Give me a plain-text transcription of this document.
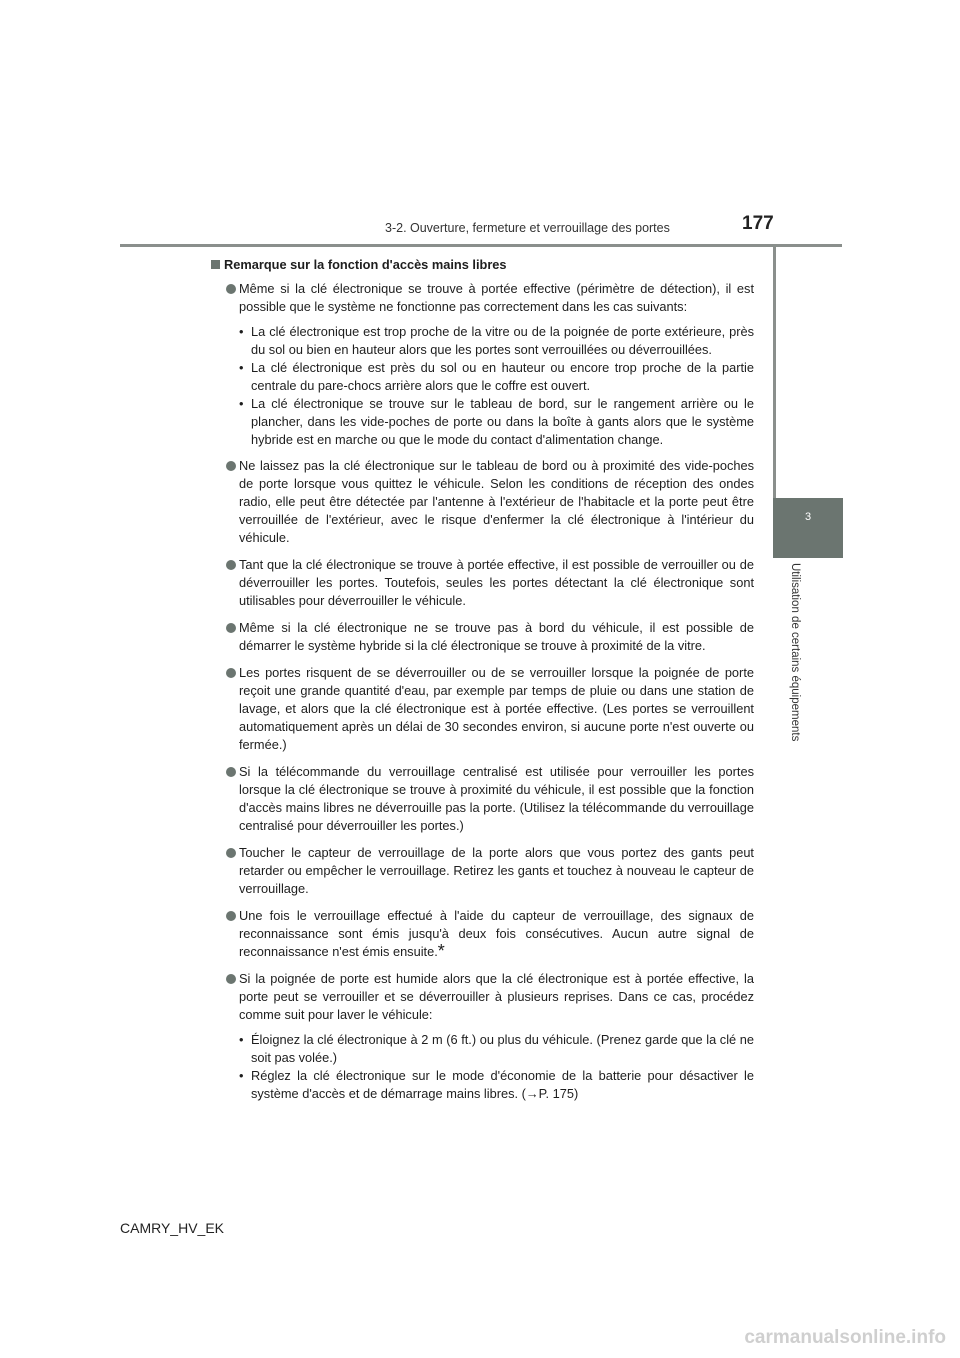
3-2. Ouverture, fermeture et verrouillage des portes	177
3
Utilisation de certains équipements
Remarque sur la fonction d'accès mains libres

Même si la clé électronique se trouve à portée effective (périmètre de détection), il est possible que le système ne fonctionne pas correctement dans les cas suivants:

• La clé électronique est trop proche de la vitre ou de la poignée de porte extérieure, près du sol ou bien en hauteur alors que les portes sont verrouillées ou déverrouillées.

• La clé électronique est près du sol ou en hauteur ou encore trop proche de la partie centrale du pare-chocs arrière alors que le coffre est ouvert.

• La clé électronique se trouve sur le tableau de bord, sur le rangement arrière ou le plancher, dans les vide-poches de porte ou dans la boîte à gants alors que le système hybride est en marche ou que le mode du contact d'alimentation change.

Ne laissez pas la clé électronique sur le tableau de bord ou à proximité des vide-poches de porte lorsque vous quittez le véhicule. Selon les conditions de réception des ondes radio, elle peut être détectée par l'antenne à l'extérieur de l'habitacle et la porte peut être verrouillée de l'extérieur, avec le risque d'enfermer la clé électronique à l'intérieur du véhicule.

Tant que la clé électronique se trouve à portée effective, il est possible de verrouiller ou de déverrouiller les portes. Toutefois, seules les portes détectant la clé électronique sont utilisables pour déverrouiller le véhicule.

Même si la clé électronique ne se trouve pas à bord du véhicule, il est possible de démarrer le système hybride si la clé électronique se trouve à proximité de la vitre.

Les portes risquent de se déverrouiller ou de se verrouiller lorsque la poignée de porte reçoit une grande quantité d'eau, par exemple par temps de pluie ou dans une station de lavage, et alors que la clé électronique est à portée effective. (Les portes se verrouillent automatiquement après un délai de 30 secondes environ, si aucune porte n'est ouverte ou fermée.)

Si la télécommande du verrouillage centralisé est utilisée pour verrouiller les portes lorsque la clé électronique se trouve à proximité du véhicule, il est possible que la fonction d'accès mains libres ne déverrouille pas la porte. (Utilisez la télécommande du verrouillage centralisé pour déverrouiller les portes.)

Toucher le capteur de verrouillage de la porte alors que vous portez des gants peut retarder ou empêcher le verrouillage. Retirez les gants et touchez à nouveau le capteur de verrouillage.

Une fois le verrouillage effectué à l'aide du capteur de verrouillage, des signaux de reconnaissance sont émis jusqu'à deux fois consécutives. Aucun autre signal de reconnaissance n'est émis ensuite.*

Si la poignée de porte est humide alors que la clé électronique est à portée effective, la porte peut se verrouiller et se déverrouiller à plusieurs reprises. Dans ce cas, procédez comme suit pour laver le véhicule:

• Éloignez la clé électronique à 2 m (6 ft.) ou plus du véhicule. (Prenez garde que la clé ne soit pas volée.)

• Réglez la clé électronique sur le mode d'économie de la batterie pour désactiver le système d'accès et de démarrage mains libres. (→P. 175)

CAMRY_HV_EK
carmanualsonline.info
